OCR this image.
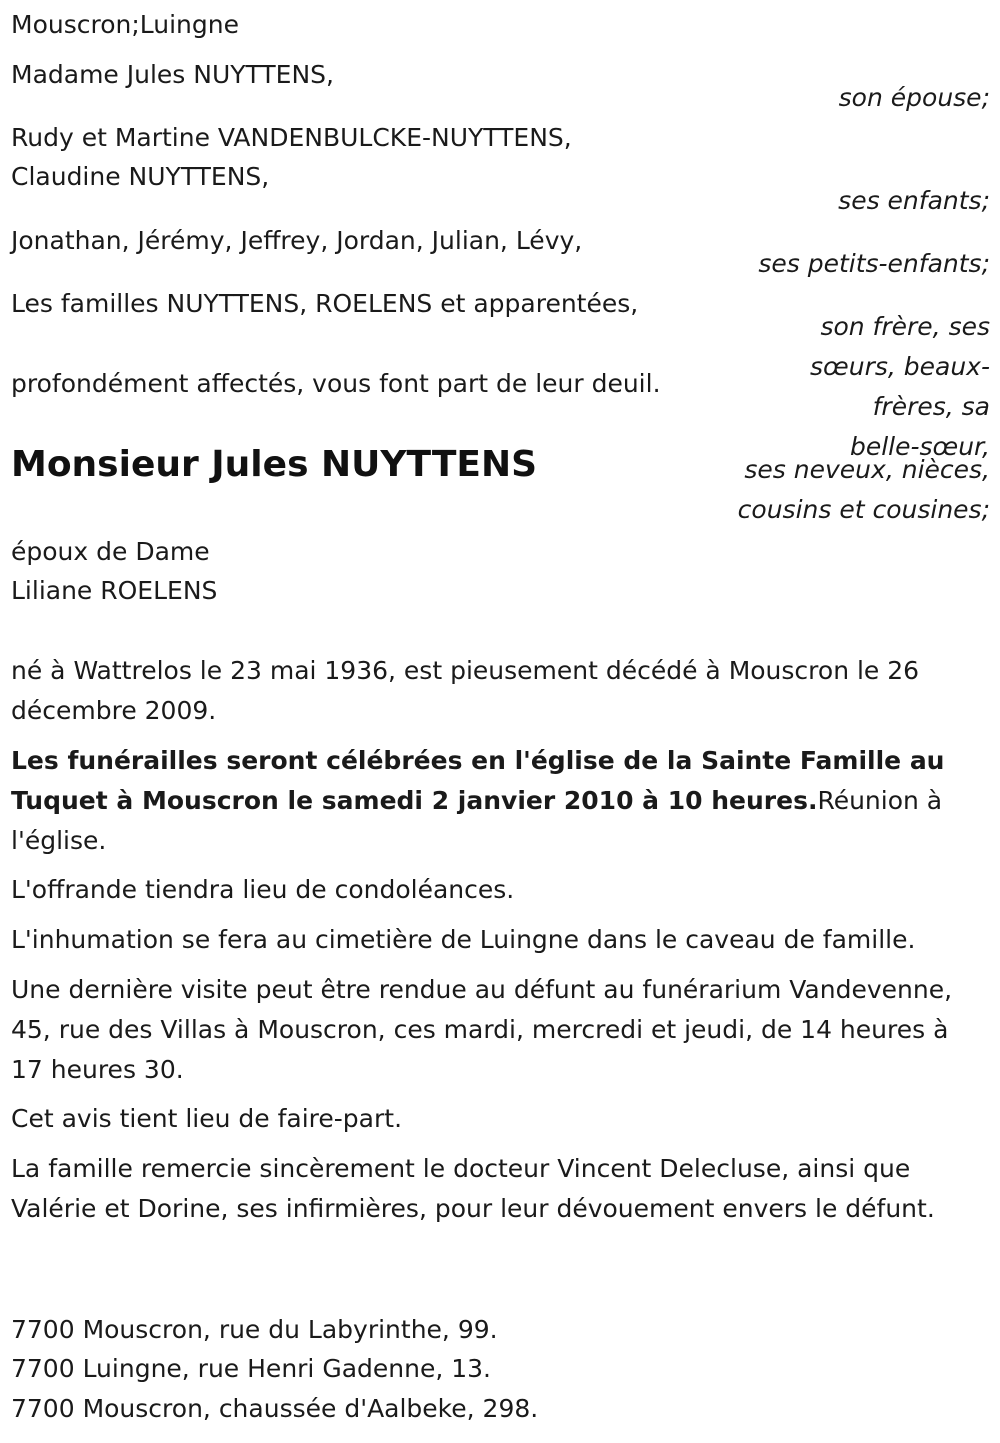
Mouscron;Luingne
Madame Jules NUYTTENS,
son épouse;
Rudy et Martine VANDENBULCKE-NUYTTENS,
Claudine NUYTTENS,
ses enfants;
Jonathan, Jérémy, Jeffrey, Jordan, Julian, Lévy,
ses petits-enfants;
Les familles NUYTTENS, ROELENS et apparentées,
son frère, ses
sœurs, beaux-
frères, sa
belle-sœur,
profondément affectés, vous font part de leur deuil.
ses neveux, nièces,
cousins et cousines;
Monsieur Jules NUYTTENS
époux de Dame
Liliane ROELENS
né à Wattrelos le 23 mai 1936, est pieusement décédé à Mouscron le 26 décembre 2009.
Les funérailles seront célébrées en l'église de la Sainte Famille au Tuquet à Mouscron le samedi 2 janvier 2010 à 10 heures.Réunion à l'église.
L'offrande tiendra lieu de condoléances.
L'inhumation se fera au cimetière de Luingne dans le caveau de famille.
Une dernière visite peut être rendue au défunt au funérarium Vandevenne, 45, rue des Villas à Mouscron, ces mardi, mercredi et jeudi, de 14 heures à 17 heures 30.
Cet avis tient lieu de faire-part.
La famille remercie sincèrement le docteur Vincent Delecluse, ainsi que Valérie et Dorine, ses infirmières, pour leur dévouement envers le défunt.
7700 Mouscron, rue du Labyrinthe, 99.
7700 Luingne, rue Henri Gadenne, 13.
7700 Mouscron, chaussée d'Aalbeke, 298.
